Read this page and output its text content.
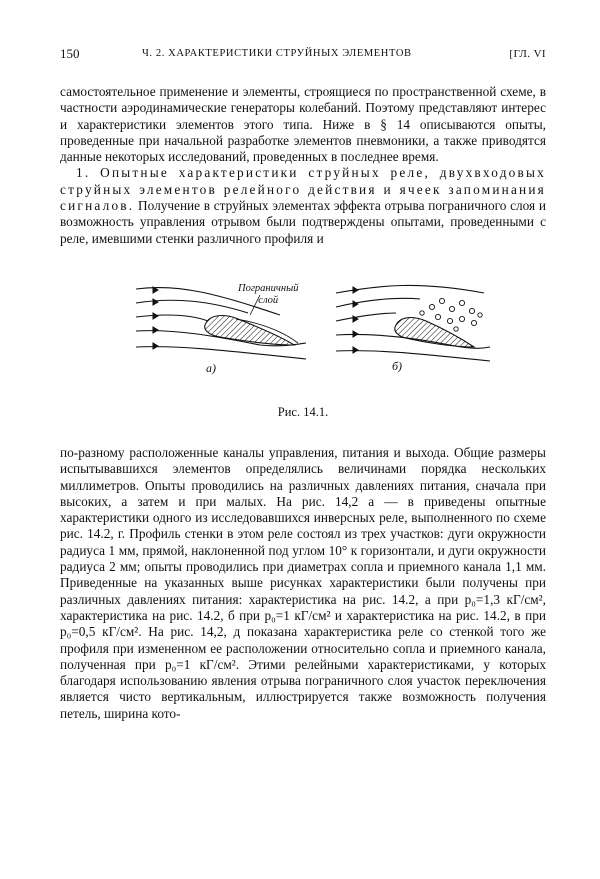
150	Ч. 2. ХАРАКТЕРИСТИКИ СТРУЙНЫХ ЭЛЕМЕНТОВ	[ГЛ. VI

самостоятельное применение и элементы, строящиеся по пространственной схеме, в частности аэродинамические генераторы колебаний. Поэтому представляют интерес и характеристики элементов этого типа. Ниже в § 14 описываются опыты, проведенные при начальной разработке элементов пневмоники, а также приводятся данные некоторых исследований, проведенных в последнее время.

1. Опытные характеристики струйных реле, двухвходовых струйных элементов релейного действия и ячеек запоминания сигналов. Получение в струйных элементах эффекта отрыва пограничного слоя и возможность управления отрывом были подтверждены опытами, проведенными с реле, имевшими стенки различного профиля и

Пограничный
слой
а)	б)
Рис. 14.1.

по-разному расположенные каналы управления, питания и выхода. Общие размеры испытывавшихся элементов определялись величинами порядка нескольких миллиметров. Опыты проводились на различных давлениях питания, сначала при высоких, а затем и при малых. На рис. 14,2 а — в приведены опытные характеристики одного из исследовавшихся инверсных реле, выполненного по схеме рис. 14.2, г. Профиль стенки в этом реле состоял из трех участков: дуги окружности радиуса 1 мм, прямой, наклоненной под углом 10° к горизонтали, и дуги окружности радиуса 2 мм; опыты проводились при диаметрах сопла и приемного канала 1,1 мм. Приведенные на указанных выше рисунках характеристики были получены при различных давлениях питания: характеристика на рис. 14.2, а при p₀=1,3 кГ/см², характеристика на рис. 14.2, б при p₀=1 кГ/см² и характеристика на рис. 14.2, в при p₀=0,5 кГ/см². На рис. 14,2, д показана характеристика реле со стенкой того же профиля при измененном ее расположении относительно сопла и приемного канала, полученная при p₀=1 кГ/см². Этими релейными характеристиками, у которых благодаря использованию явления отрыва пограничного слоя участок переключения является чисто вертикальным, иллюстрируется также возможность получения петель, ширина кото-
